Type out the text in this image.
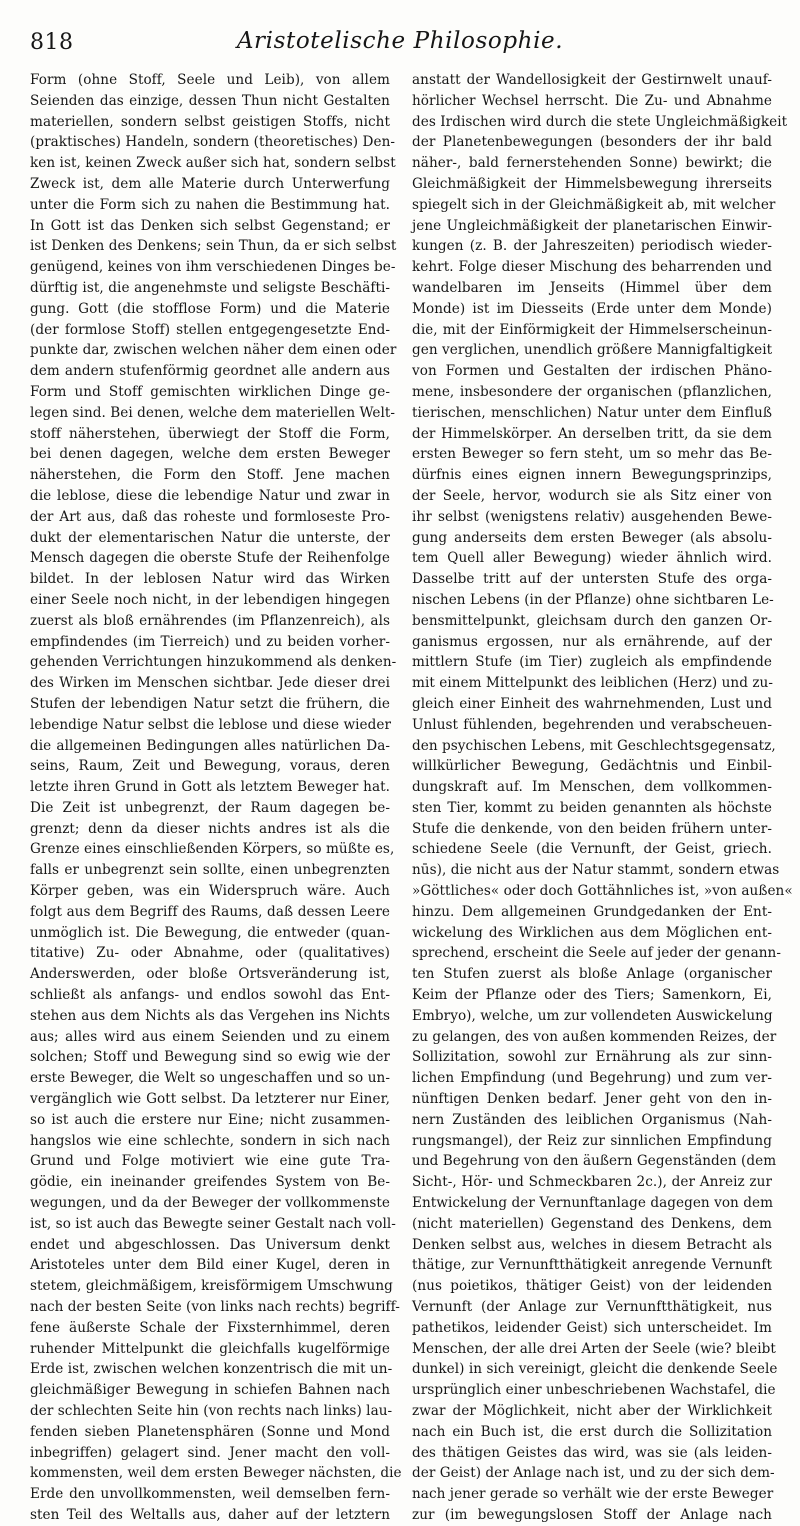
818	Aristotelische Philosophie.
Form (ohne Stoff, Seele und Leib), von allem
Seienden das einzige, dessen Thun nicht Gestalten
materiellen, sondern selbst geistigen Stoffs, nicht
(praktisches) Handeln, sondern (theoretisches) Den-
ken ist, keinen Zweck außer sich hat, sondern selbst
Zweck ist, dem alle Materie durch Unterwerfung
unter die Form sich zu nahen die Bestimmung hat.
In Gott ist das Denken sich selbst Gegenstand; er
ist Denken des Denkens; sein Thun, da er sich selbst
genügend, keines von ihm verschiedenen Dinges be-
dürftig ist, die angenehmste und seligste Beschäfti-
gung. Gott (die stofflose Form) und die Materie
(der formlose Stoff) stellen entgegengesetzte End-
punkte dar, zwischen welchen näher dem einen oder
dem andern stufenförmig geordnet alle andern aus
Form und Stoff gemischten wirklichen Dinge ge-
legen sind. Bei denen, welche dem materiellen Welt-
stoff näherstehen, überwiegt der Stoff die Form,
bei denen dagegen, welche dem ersten Beweger
näherstehen, die Form den Stoff. Jene machen
die leblose, diese die lebendige Natur und zwar in
der Art aus, daß das roheste und formloseste Pro-
dukt der elementarischen Natur die unterste, der
Mensch dagegen die oberste Stufe der Reihenfolge
bildet. In der leblosen Natur wird das Wirken
einer Seele noch nicht, in der lebendigen hingegen
zuerst als bloß ernährendes (im Pflanzenreich), als
empfindendes (im Tierreich) und zu beiden vorher-
gehenden Verrichtungen hinzukommend als denken-
des Wirken im Menschen sichtbar. Jede dieser drei
Stufen der lebendigen Natur setzt die frühern, die
lebendige Natur selbst die leblose und diese wieder
die allgemeinen Bedingungen alles natürlichen Da-
seins, Raum, Zeit und Bewegung, voraus, deren
letzte ihren Grund in Gott als letztem Beweger hat.
Die Zeit ist unbegrenzt, der Raum dagegen be-
grenzt; denn da dieser nichts andres ist als die
Grenze eines einschließenden Körpers, so müßte es,
falls er unbegrenzt sein sollte, einen unbegrenzten
Körper geben, was ein Widerspruch wäre. Auch
folgt aus dem Begriff des Raums, daß dessen Leere
unmöglich ist. Die Bewegung, die entweder (quan-
titative) Zu- oder Abnahme, oder (qualitatives)
Anderswerden, oder bloße Ortsveränderung ist,
schließt als anfangs- und endlos sowohl das Ent-
stehen aus dem Nichts als das Vergehen ins Nichts
aus; alles wird aus einem Seienden und zu einem
solchen; Stoff und Bewegung sind so ewig wie der
erste Beweger, die Welt so ungeschaffen und so un-
vergänglich wie Gott selbst. Da letzterer nur Einer,
so ist auch die erstere nur Eine; nicht zusammen-
hangslos wie eine schlechte, sondern in sich nach
Grund und Folge motiviert wie eine gute Tra-
gödie, ein ineinander greifendes System von Be-
wegungen, und da der Beweger der vollkommenste
ist, so ist auch das Bewegte seiner Gestalt nach voll-
endet und abgeschlossen. Das Universum denkt
Aristoteles unter dem Bild einer Kugel, deren in
stetem, gleichmäßigem, kreisförmigem Umschwung
nach der besten Seite (von links nach rechts) begriff-
fene äußerste Schale der Fixsternhimmel, deren
ruhender Mittelpunkt die gleichfalls kugelförmige
Erde ist, zwischen welchen konzentrisch die mit un-
gleichmäßiger Bewegung in schiefen Bahnen nach
der schlechten Seite hin (von rechts nach links) lau-
fenden sieben Planetensphären (Sonne und Mond
inbegriffen) gelagert sind. Jener macht den voll-
kommensten, weil dem ersten Beweger nächsten, die
Erde den unvollkommensten, weil demselben fern-
sten Teil des Weltalls aus, daher auf der letztern
anstatt der Wandellosigkeit der Gestirnwelt unauf-
hörlicher Wechsel herrscht. Die Zu- und Abnahme
des Irdischen wird durch die stete Ungleichmäßigkeit
der Planetenbewegungen (besonders der ihr bald
näher-, bald fernerstehenden Sonne) bewirkt; die
Gleichmäßigkeit der Himmelsbewegung ihrerseits
spiegelt sich in der Gleichmäßigkeit ab, mit welcher
jene Ungleichmäßigkeit der planetarischen Einwir-
kungen (z. B. der Jahreszeiten) periodisch wieder-
kehrt. Folge dieser Mischung des beharrenden und
wandelbaren im Jenseits (Himmel über dem
Monde) ist im Diesseits (Erde unter dem Monde)
die, mit der Einförmigkeit der Himmelserscheinun-
gen verglichen, unendlich größere Mannigfaltigkeit
von Formen und Gestalten der irdischen Phäno-
mene, insbesondere der organischen (pflanzlichen,
tierischen, menschlichen) Natur unter dem Einfluß
der Himmelskörper. An derselben tritt, da sie dem
ersten Beweger so fern steht, um so mehr das Be-
dürfnis eines eignen innern Bewegungsprinzips,
der Seele, hervor, wodurch sie als Sitz einer von
ihr selbst (wenigstens relativ) ausgehenden Bewe-
gung anderseits dem ersten Beweger (als absolu-
tem Quell aller Bewegung) wieder ähnlich wird.
Dasselbe tritt auf der untersten Stufe des orga-
nischen Lebens (in der Pflanze) ohne sichtbaren Le-
bensmittelpunkt, gleichsam durch den ganzen Or-
ganismus ergossen, nur als ernährende, auf der
mittlern Stufe (im Tier) zugleich als empfindende
mit einem Mittelpunkt des leiblichen (Herz) und zu-
gleich einer Einheit des wahrnehmenden, Lust und
Unlust fühlenden, begehrenden und verabscheuen-
den psychischen Lebens, mit Geschlechtsgegensatz,
willkürlicher Bewegung, Gedächtnis und Einbil-
dungskraft auf. Im Menschen, dem vollkommen-
sten Tier, kommt zu beiden genannten als höchste
Stufe die denkende, von den beiden frühern unter-
schiedene Seele (die Vernunft, der Geist, griech.
nūs), die nicht aus der Natur stammt, sondern etwas
»Göttliches« oder doch Gottähnliches ist, »von außen«
hinzu. Dem allgemeinen Grundgedanken der Ent-
wickelung des Wirklichen aus dem Möglichen ent-
sprechend, erscheint die Seele auf jeder der genann-
ten Stufen zuerst als bloße Anlage (organischer
Keim der Pflanze oder des Tiers; Samenkorn, Ei,
Embryo), welche, um zur vollendeten Auswickelung
zu gelangen, des von außen kommenden Reizes, der
Sollizitation, sowohl zur Ernährung als zur sinn-
lichen Empfindung (und Begehrung) und zum ver-
nünftigen Denken bedarf. Jener geht von den in-
nern Zuständen des leiblichen Organismus (Nah-
rungsmangel), der Reiz zur sinnlichen Empfindung
und Begehrung von den äußern Gegenständen (dem
Sicht-, Hör- und Schmeckbaren 2c.), der Anreiz zur
Entwickelung der Vernunftanlage dagegen von dem
(nicht materiellen) Gegenstand des Denkens, dem
Denken selbst aus, welches in diesem Betracht als
thätige, zur Vernunftthätigkeit anregende Vernunft
(nus poietikos, thätiger Geist) von der leidenden
Vernunft (der Anlage zur Vernunftthätigkeit, nus
pathetikos, leidender Geist) sich unterscheidet. Im
Menschen, der alle drei Arten der Seele (wie? bleibt
dunkel) in sich vereinigt, gleicht die denkende Seele
ursprünglich einer unbeschriebenen Wachstafel, die
zwar der Möglichkeit, nicht aber der Wirklichkeit
nach ein Buch ist, die erst durch die Sollizitation
des thätigen Geistes das wird, was sie (als leiden-
der Geist) der Anlage nach ist, und zu der sich dem-
nach jener gerade so verhält wie der erste Beweger
zur (im bewegungslosen Stoff der Anlage nach
